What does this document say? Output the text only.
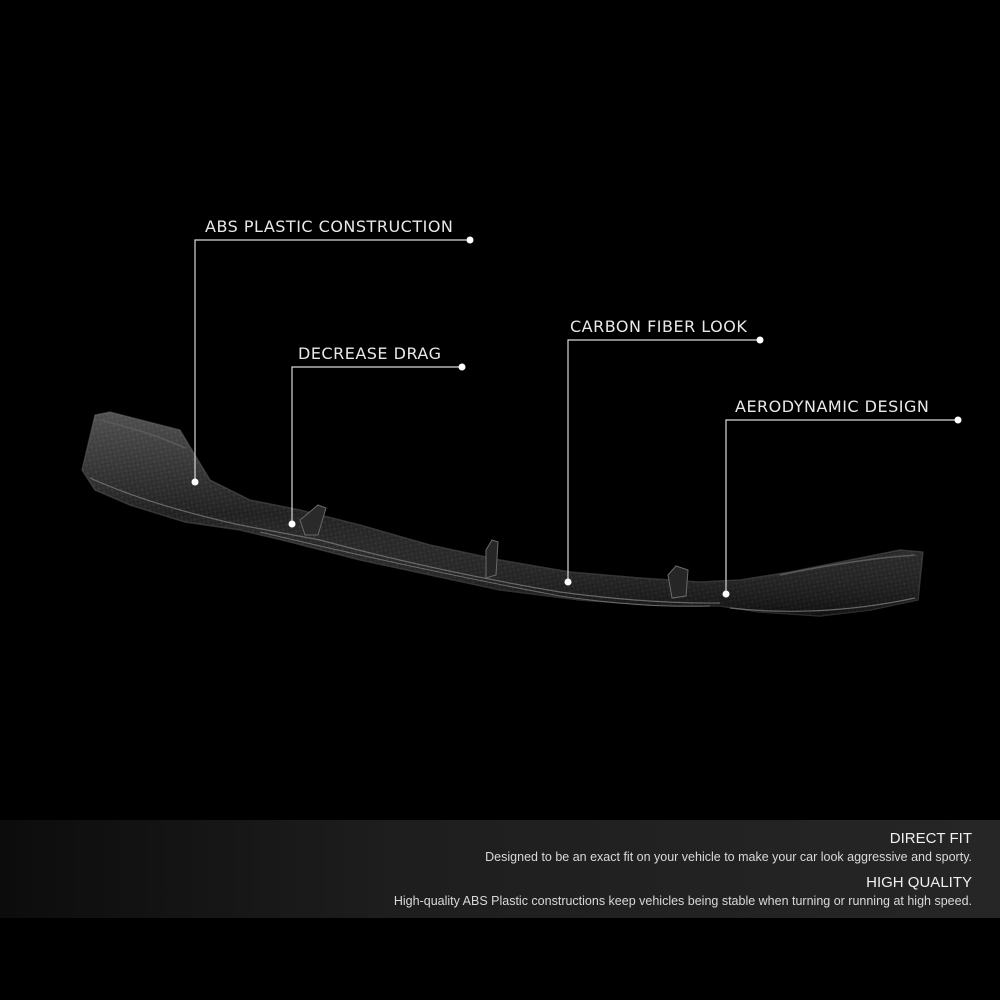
ABS PLASTIC CONSTRUCTION
DECREASE DRAG
CARBON FIBER LOOK
AERODYNAMIC DESIGN
DIRECT FIT
Designed to be an exact fit on your vehicle to make your car look aggressive and sporty.
HIGH QUALITY
High-quality ABS Plastic constructions keep vehicles being stable when turning or running at high speed.
